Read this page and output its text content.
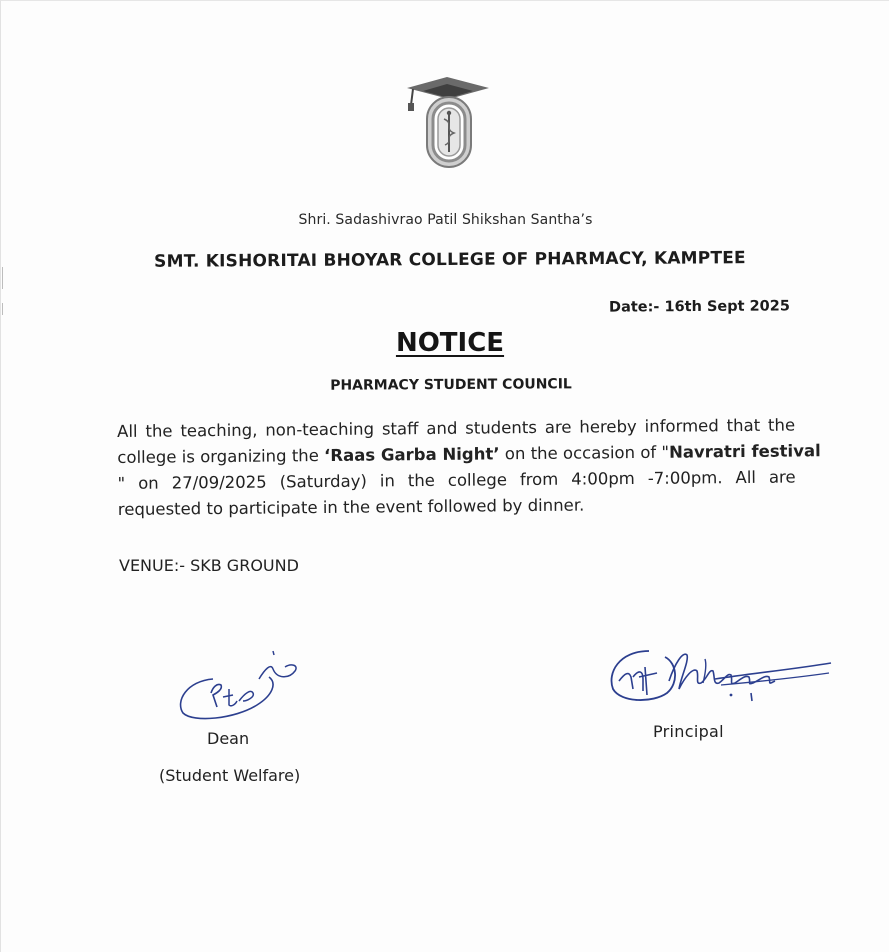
Shri. Sadashivrao Patil Shikshan Santha’s
SMT. KISHORITAI BHOYAR COLLEGE OF PHARMACY, KAMPTEE
Date:- 16th Sept 2025
NOTICE
PHARMACY STUDENT COUNCIL
All the teaching, non-teaching staff and students are hereby informed that the
college is organizing the ‘Raas Garba Night’ on the occasion of "Navratri festival
" on 27/09/2025 (Saturday) in the college from 4:00pm -7:00pm. All are
requested to participate in the event followed by dinner.
VENUE:- SKB GROUND
Dean
(Student Welfare)
Principal
